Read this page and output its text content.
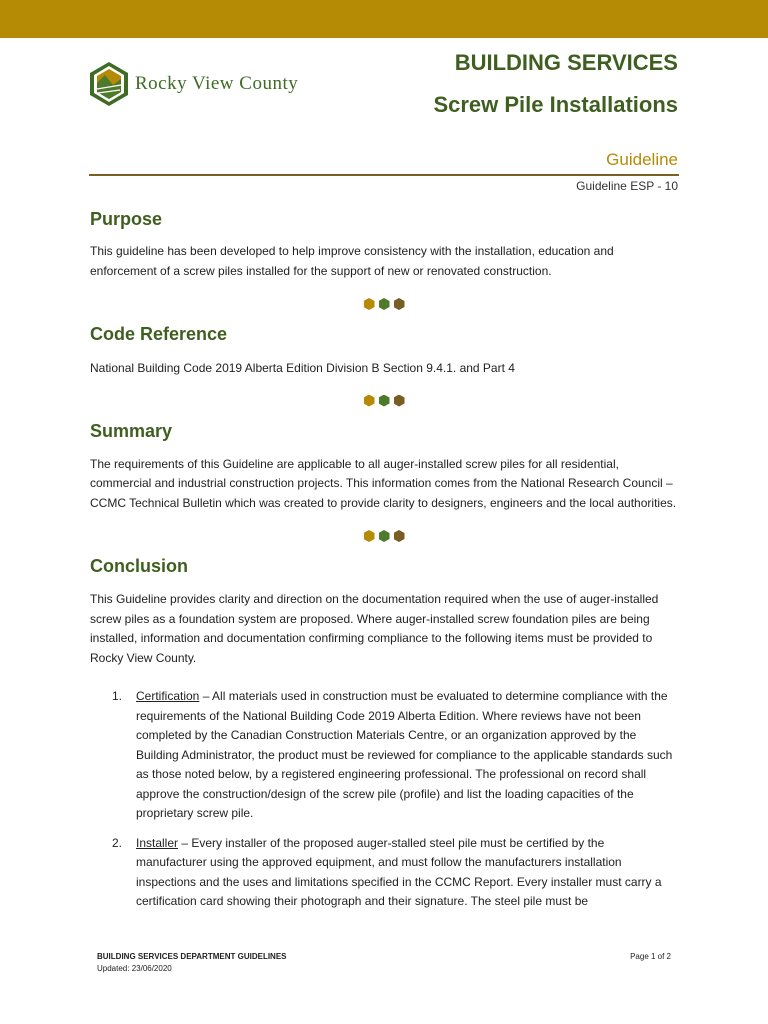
Rocky View County
BUILDING SERVICES
Screw Pile Installations
Guideline
Guideline ESP - 10
Purpose

This guideline has been developed to help improve consistency with the installation, education and enforcement of a screw piles installed for the support of new or renovated construction.

Code Reference

National Building Code 2019 Alberta Edition Division B Section 9.4.1. and Part 4

Summary

The requirements of this Guideline are applicable to all auger-installed screw piles for all residential, commercial and industrial construction projects. This information comes from the National Research Council – CCMC Technical Bulletin which was created to provide clarity to designers, engineers and the local authorities.

Conclusion

This Guideline provides clarity and direction on the documentation required when the use of auger-installed screw piles as a foundation system are proposed. Where auger-installed screw foundation piles are being installed, information and documentation confirming compliance to the following items must be provided to Rocky View County.

1.	Certification – All materials used in construction must be evaluated to determine compliance with the requirements of the National Building Code 2019 Alberta Edition. Where reviews have not been completed by the Canadian Construction Materials Centre, or an organization approved by the Building Administrator, the product must be reviewed for compliance to the applicable standards such as those noted below, by a registered engineering professional. The professional on record shall approve the construction/design of the screw pile (profile) and list the loading capacities of the proprietary screw pile.
2.	Installer – Every installer of the proposed auger-stalled steel pile must be certified by the manufacturer using the approved equipment, and must follow the manufacturers installation inspections and the uses and limitations specified in the CCMC Report. Every installer must carry a certification card showing their photograph and their signature. The steel pile must be
BUILDING SERVICES DEPARTMENT GUIDELINES
Updated: 23/06/2020
Page 1 of 2
